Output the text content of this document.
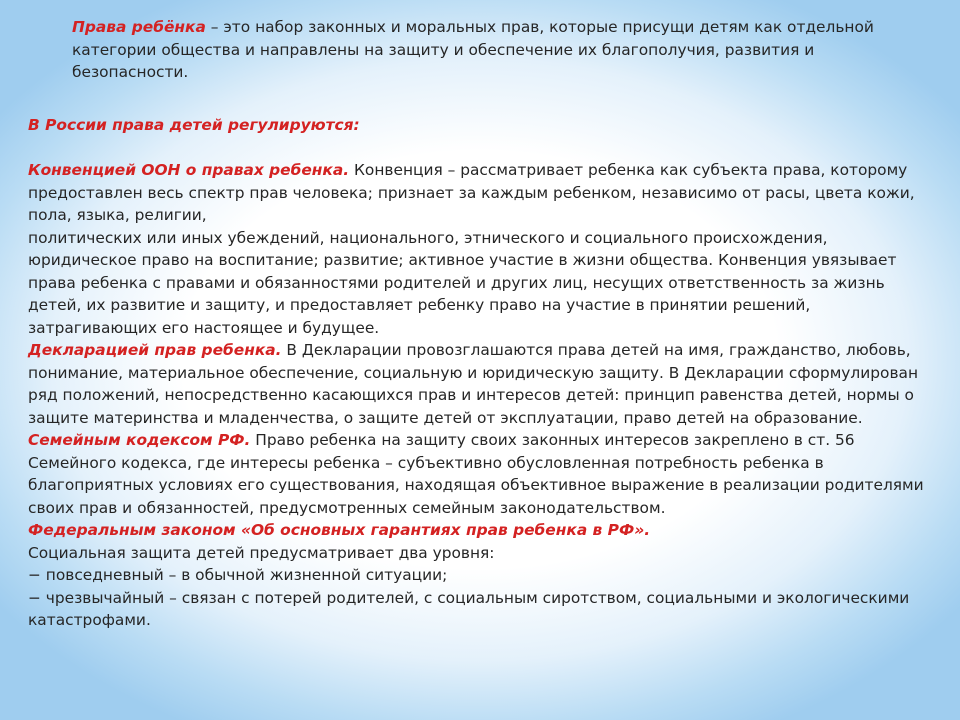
Права ребёнка – это набор законных и моральных прав, которые присущи детям как отдельной категории общества и направлены на защиту и обеспечение их благополучия, развития и безопасности.

В России права детей регулируются:

Конвенцией ООН о правах ребенка. Конвенция – рассматривает ребенка как субъекта права, которому предоставлен весь спектр прав человека; признает за каждым ребенком, независимо от расы, цвета кожи, пола, языка, религии,
политических или иных убеждений, национального, этнического и социального происхождения, юридическое право на воспитание; развитие; активное участие в жизни общества. Конвенция увязывает права ребенка с правами и обязанностями родителей и других лиц, несущих ответственность за жизнь детей, их развитие и защиту, и предоставляет ребенку право на участие в принятии решений, затрагивающих его настоящее и будущее.

Декларацией прав ребенка. В Декларации провозглашаются права детей на имя, гражданство, любовь, понимание, материальное обеспечение, социальную и юридическую защиту. В Декларации сформулирован ряд положений, непосредственно касающихся прав и интересов детей: принцип равенства детей, нормы о защите материнства и младенчества, о защите детей от эксплуатации, право детей на образование.

Семейным кодексом РФ. Право ребенка на защиту своих законных интересов закреплено в ст. 56 Семейного кодекса, где интересы ребенка – субъективно обусловленная потребность ребенка в благоприятных условиях его существования, находящая объективное выражение в реализации родителями своих прав и обязанностей, предусмотренных семейным законодательством.

Федеральным законом «Об основных гарантиях прав ребенка в РФ».
Социальная защита детей предусматривает два уровня:
− повседневный – в обычной жизненной ситуации;
− чрезвычайный – связан с потерей родителей, с социальным сиротством, социальными и экологическими катастрофами.
